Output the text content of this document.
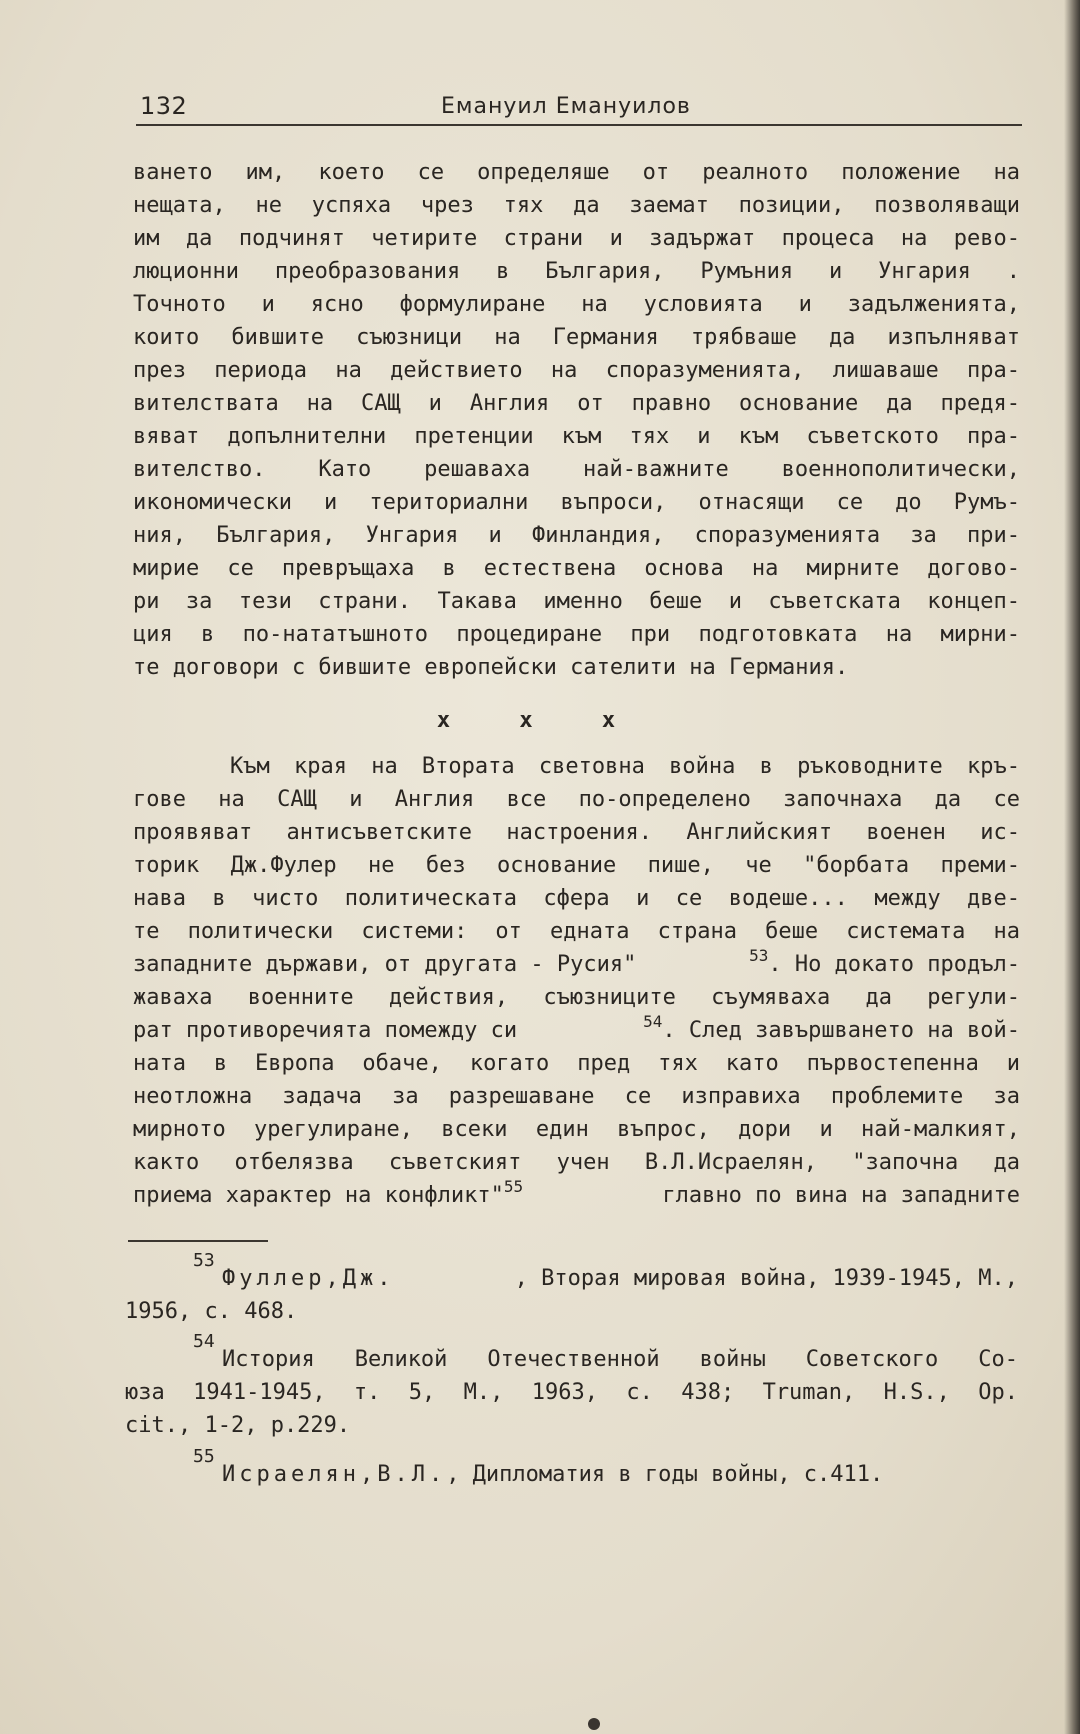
132	Емануил Емануилов
ването им, което се определяше от реалното положение на
нещата, не успяха чрез тях да заемат позиции, позволяващи
им да подчинят четирите страни и задържат процеса на рево-
люционни преобразования в България, Румъния и Унгария .
Точното и ясно формулиране на условията и задълженията,
които бившите съюзници на Германия трябваше да изпълняват
през периода на действието на споразуменията, лишаваше пра-
вителствата на САЩ и Англия от правно основание да предя-
вяват допълнителни претенции към тях и към съветското пра-
вителство. Като решаваха най-важните военнополитически,
икономически и териториални въпроси, отнасящи се до Румъ-
ния, България, Унгария и Финландия, споразуменията за при-
мирие се превръщаха в естествена основа на мирните догово-
ри за тези страни. Такава именно беше и съветската концеп-
ция в по-нататъшното процедиране при подготовката на мирни-
те договори с бившите европейски сателити на Германия.
x x x
Към края на Втората световна война в ръководните кръ-
гове на САЩ и Англия все по-определено започнаха да се
проявяват антисъветските настроения. Английският военен ис-
торик Дж.Фулер не без основание пише, че "борбата преми-
нава в чисто политическата сфера и се водеше... между две-
те политически системи: от едната страна беше системата на
западните държави, от другата - Русия"	$^{53}$ . Но докато продъл-
жаваха военните действия, съюзниците съумяваха да регули-
рат противоречията помежду си	$^{54}$ . След завършването на вой-
ната в Европа обаче, когато пред тях като първостепенна и
неотложна задача за разрешаване се изправиха проблемите за
мирното урегулиране, всеки един въпрос, дори и най-малкият,
както отбелязва съветският учен В.Л.Исраелян, "започна да
приема характер на конфликт"$^{55}$	главно по вина на западните
53
Фуллер,Дж.	, Вторая мировая война, 1939-1945, М.,
1956, с. 468.
54
История Великой Отечественной войны Советского Со-
юза 1941-1945, т. 5, М., 1963, с. 438; Truman, H.S., Op.
cit., 1-2, p.229.
55
Исраелян,В.Л., Дипломатия в годы войны, с.411.
